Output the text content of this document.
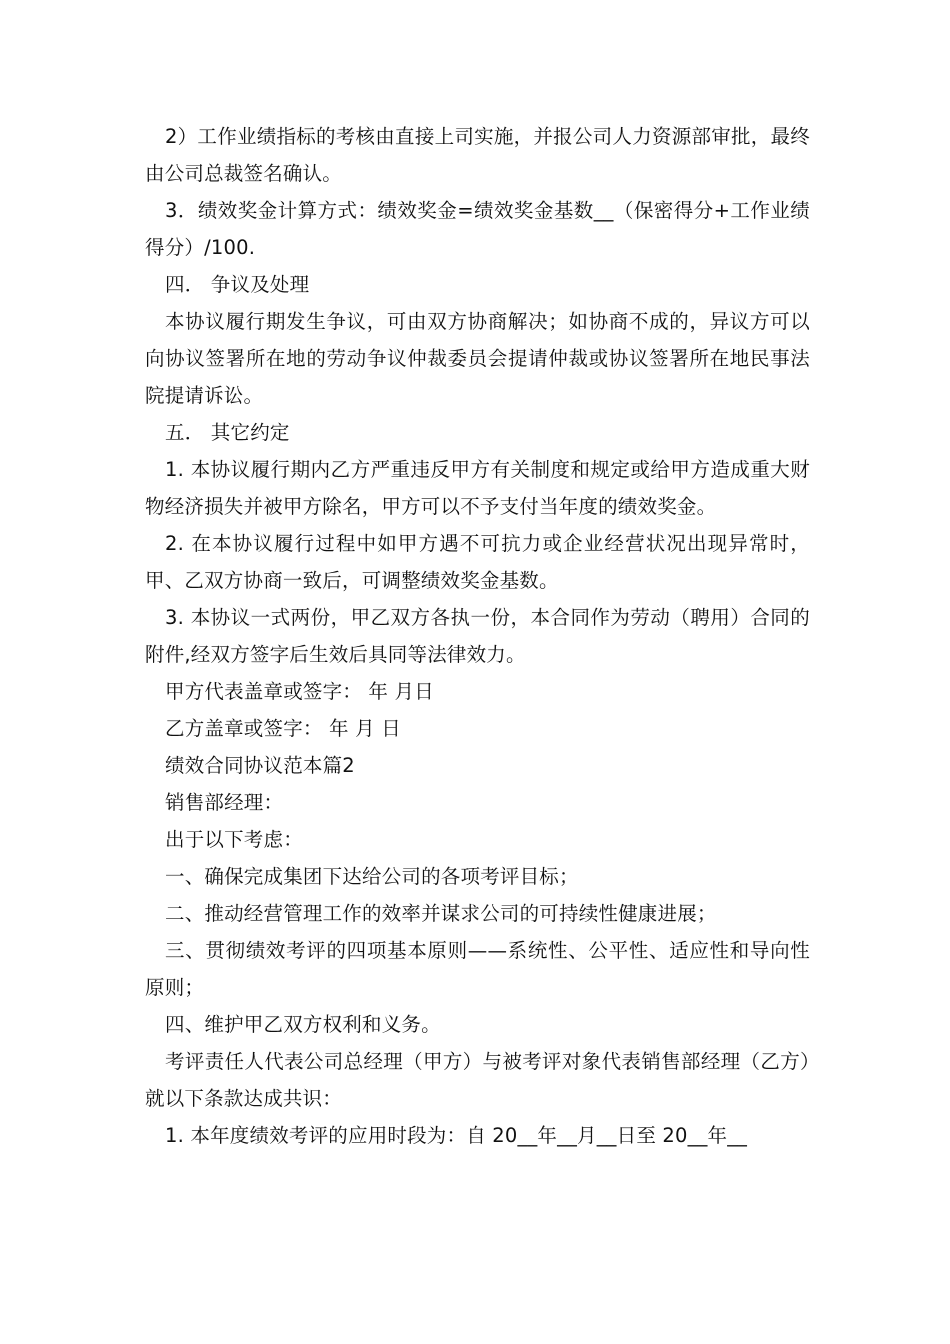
2）工作业绩指标的考核由直接上司实施，并报公司人力资源部审批，最终由公司总裁签名确认。

3．绩效奖金计算方式：绩效奖金=绩效奖金基数__（保密得分+工作业绩得分）/100.

四． 争议及处理

本协议履行期发生争议，可由双方协商解决；如协商不成的，异议方可以向协议签署所在地的劳动争议仲裁委员会提请仲裁或协议签署所在地民事法院提请诉讼。

五． 其它约定

1. 本协议履行期内乙方严重违反甲方有关制度和规定或给甲方造成重大财物经济损失并被甲方除名，甲方可以不予支付当年度的绩效奖金。

2. 在本协议履行过程中如甲方遇不可抗力或企业经营状况出现异常时，甲、乙双方协商一致后，可调整绩效奖金基数。

3. 本协议一式两份，甲乙双方各执一份，本合同作为劳动（聘用）合同的附件,经双方签字后生效后具同等法律效力。

甲方代表盖章或签字： 年 月日

乙方盖章或签字： 年 月 日

绩效合同协议范本篇2

销售部经理：

出于以下考虑：

一、确保完成集团下达给公司的各项考评目标；

二、推动经营管理工作的效率并谋求公司的可持续性健康进展；

三、贯彻绩效考评的四项基本原则——系统性、公平性、适应性和导向性原则；

四、维护甲乙双方权利和义务。

考评责任人代表公司总经理（甲方）与被考评对象代表销售部经理（乙方）就以下条款达成共识：

1. 本年度绩效考评的应用时段为：自 20__年__月__日至 20__年__
